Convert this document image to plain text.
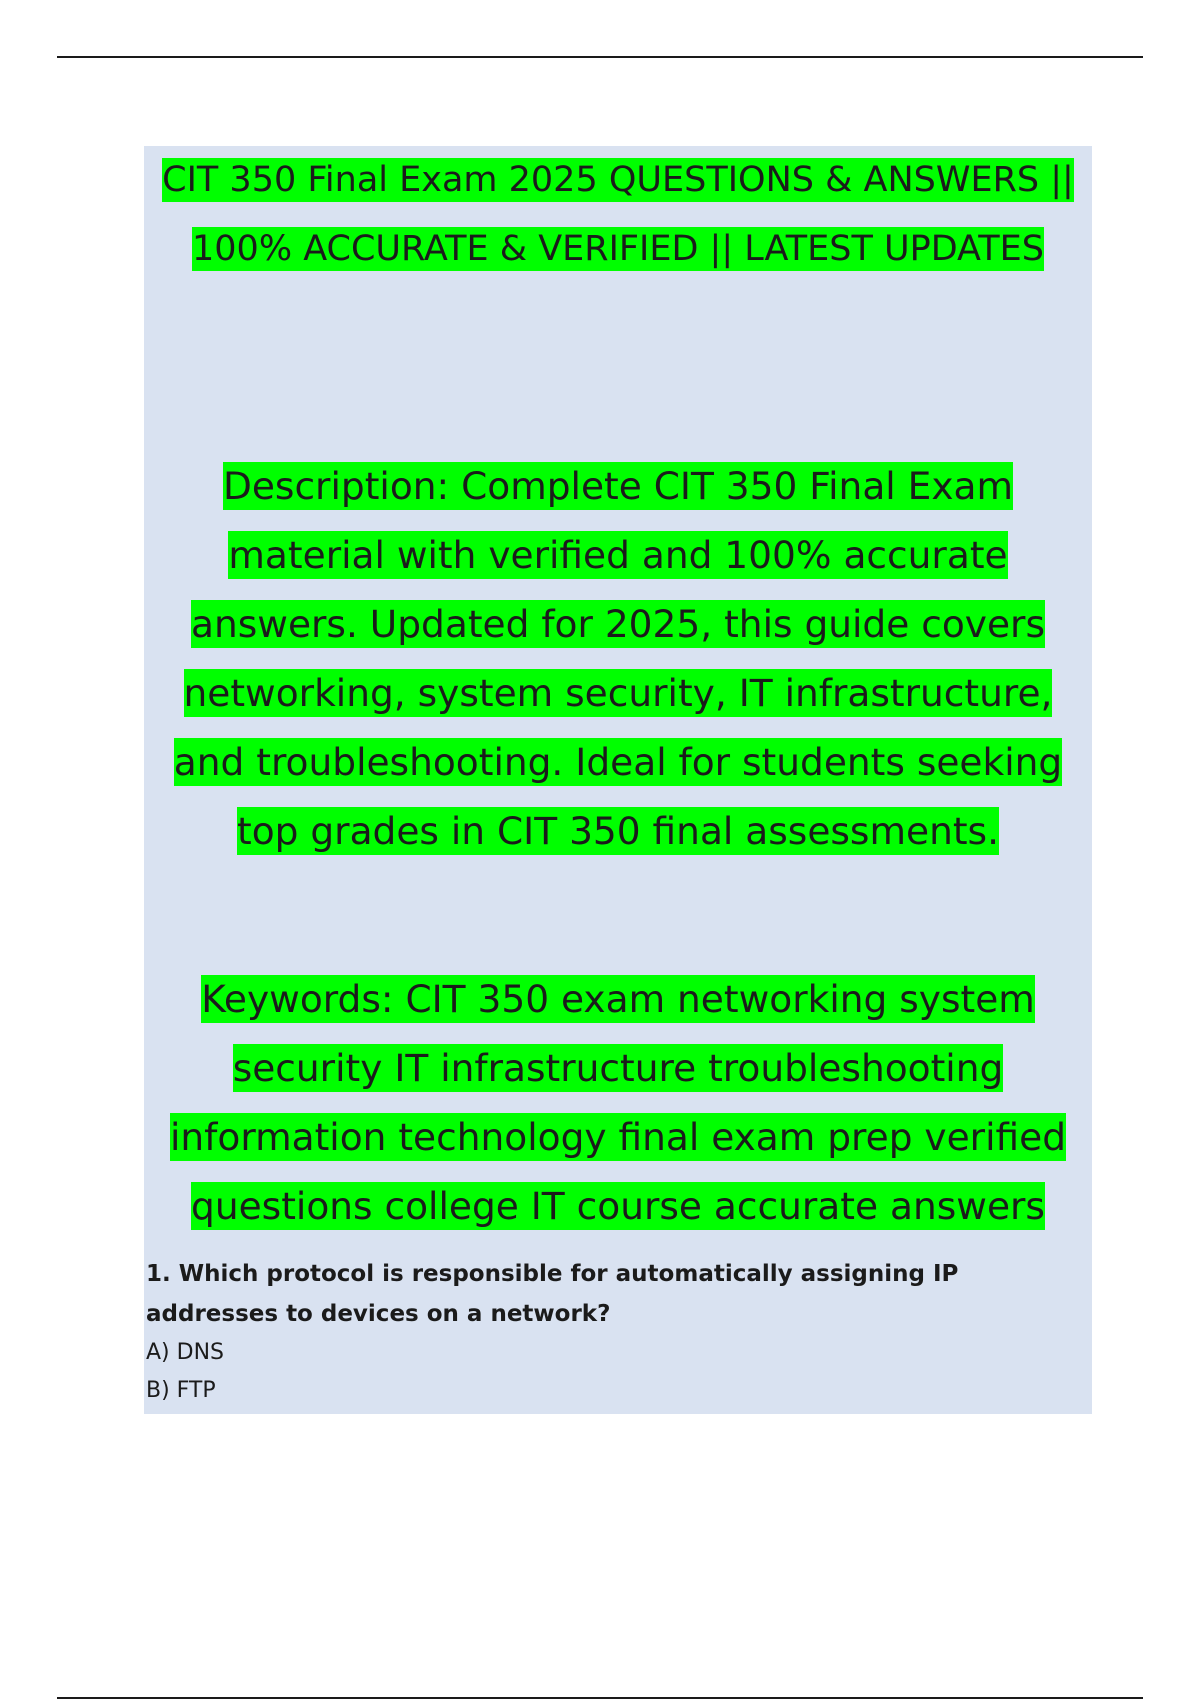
CIT 350 Final Exam 2025 QUESTIONS & ANSWERS || 100% ACCURATE & VERIFIED || LATEST UPDATES

Description: Complete CIT 350 Final Exam material with verified and 100% accurate answers. Updated for 2025, this guide covers networking, system security, IT infrastructure, and troubleshooting. Ideal for students seeking top grades in CIT 350 final assessments.

Keywords: CIT 350 exam networking system security IT infrastructure troubleshooting information technology final exam prep verified questions college IT course accurate answers

1. Which protocol is responsible for automatically assigning IP addresses to devices on a network?

A) DNS

B) FTP
